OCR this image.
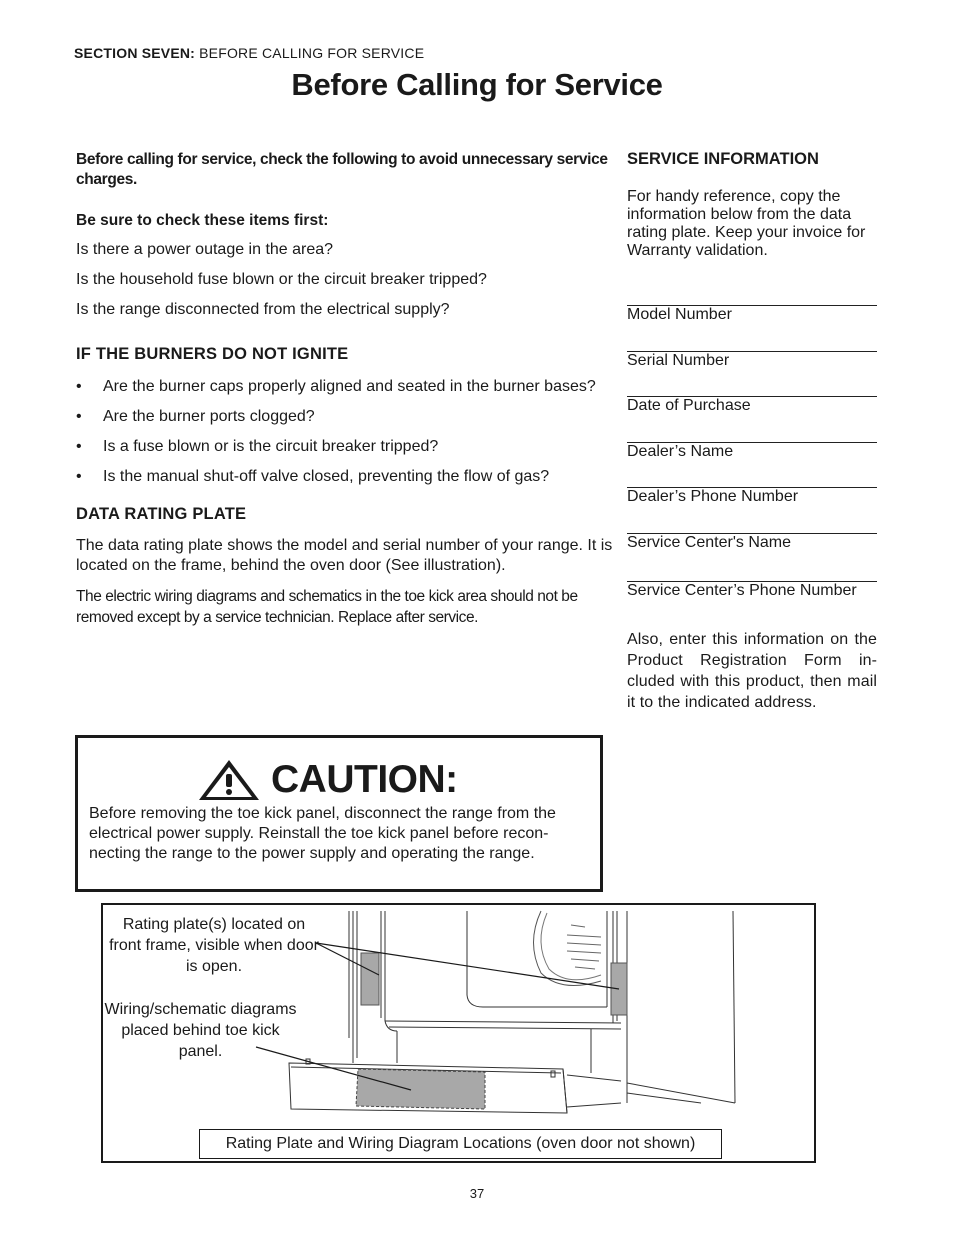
SECTION SEVEN: BEFORE CALLING FOR SERVICE
Before Calling for Service

Before calling for service, check the following to avoid unnecessary service charges.

Be sure to check these items first:

Is there a power outage in the area?

Is the household fuse blown or the circuit breaker tripped?

Is the range disconnected from the electrical supply?

IF THE BURNERS DO NOT IGNITE
• Are the burner caps properly aligned and seated in the burner bases?
• Are the burner ports clogged?
• Is a fuse blown or is the circuit breaker tripped?
• Is the manual shut-off valve closed, preventing the flow of gas?
DATA RATING PLATE

The data rating plate shows the model and serial number of your range. It is located on the frame, behind the oven door (See illustration).

The electric wiring diagrams and schematics in the toe kick area should not be removed except by a service technician. Replace after service.

SERVICE INFORMATION

For handy reference, copy the information below from the data rating plate. Keep your invoice for Warranty validation.

Model Number
Serial Number
Date of Purchase
Dealer’s Name
Dealer’s Phone Number
Service Center's Name
Service Center’s Phone Number

Also, enter this information on the Product Registration Form included with this product, then mail it to the indicated address.

CAUTION:

Before removing the toe kick panel, disconnect the range from the electrical power supply. Reinstall the toe kick panel before reconnecting the range to the power supply and operating the range.

Rating plate(s) located on front frame, visible when door is open.

Wiring/schematic diagrams placed behind toe kick panel.

Rating Plate and Wiring Diagram Locations (oven door not shown)
37
